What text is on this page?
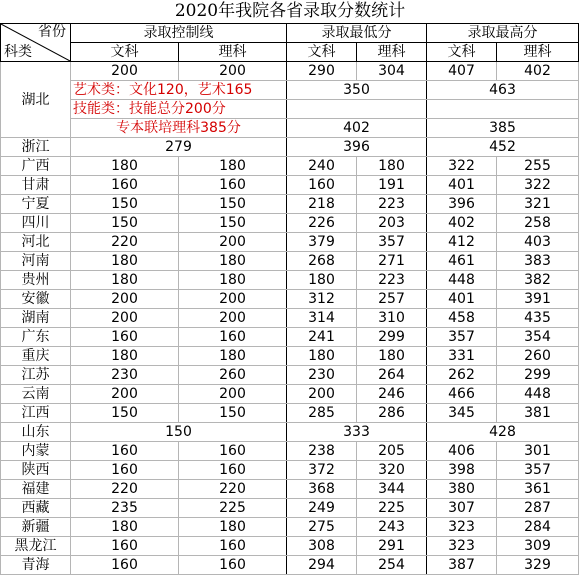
2020年我院各省录取分数统计
省份
科类	录取控制线		录取最低分		录取最高分	
	文科	理科	文科	理科	文科	理科
湖北	200	200	290	304	407	402
	艺术类：文化120，艺术165		350		463	
	技能类：技能总分200分					
	专本联培理科385分		402		385	
浙江	279		396		452	
广西	180	180	240	180	322	255
甘肃	160	160	160	191	401	322
宁夏	150	150	218	223	396	321
四川	150	150	226	203	402	258
河北	220	200	379	357	412	403
河南	180	180	268	271	461	383
贵州	180	180	180	223	448	382
安徽	200	200	312	257	401	391
湖南	200	200	314	310	458	435
广东	160	160	241	299	357	354
重庆	180	180	180	180	331	260
江苏	230	260	230	264	262	299
云南	200	200	200	246	466	448
江西	150	150	285	286	345	381
山东	150		333		428	
内蒙	160	160	238	205	406	301
陕西	160	160	372	320	398	357
福建	220	220	368	344	380	361
西藏	235	225	249	225	307	287
新疆	180	180	275	243	323	284
黑龙江	160	160	308	291	323	309
青海	160	160	294	254	387	329
